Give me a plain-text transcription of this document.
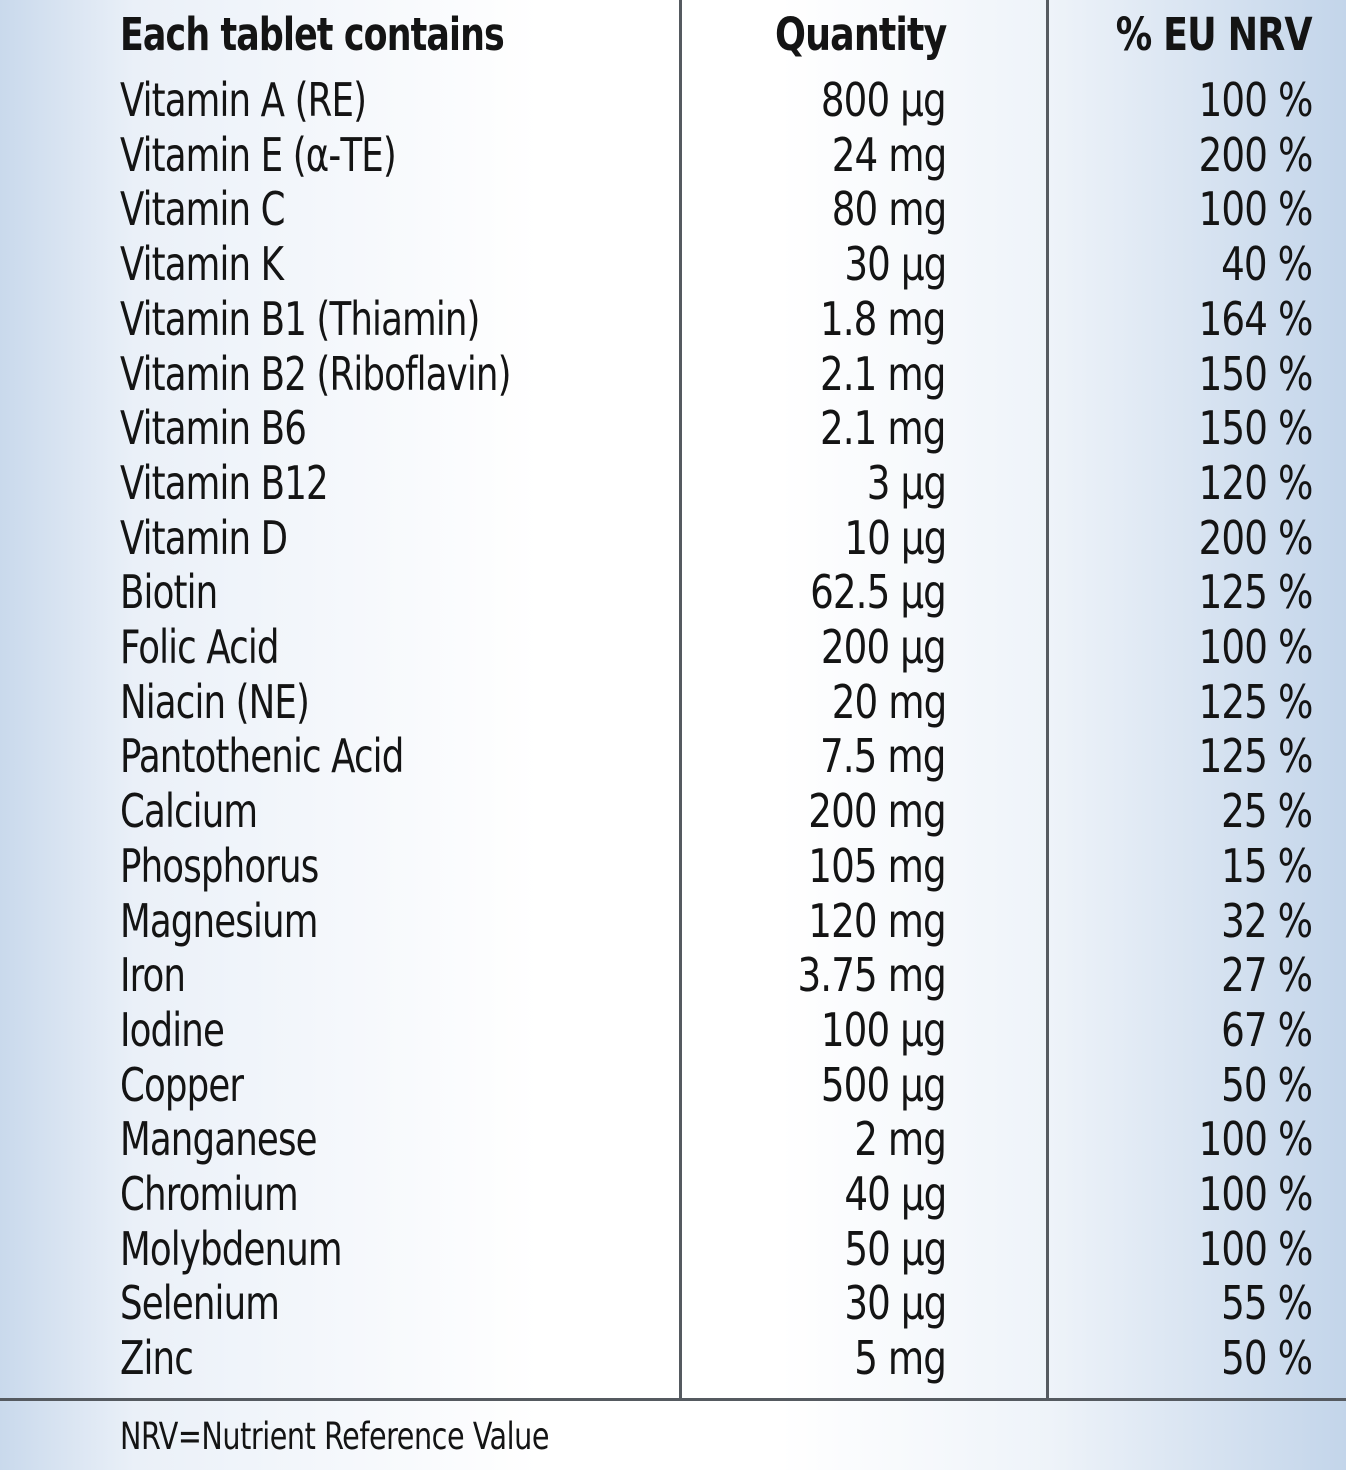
Each tablet contains	Quantity	% EU NRV
Vitamin A (RE)	800 µg	100 %
Vitamin E (α-TE)	24 mg	200 %
Vitamin C	80 mg	100 %
Vitamin K	30 µg	40 %
Vitamin B1 (Thiamin)	1.8 mg	164 %
Vitamin B2 (Riboflavin)	2.1 mg	150 %
Vitamin B6	2.1 mg	150 %
Vitamin B12	3 µg	120 %
Vitamin D	10 µg	200 %
Biotin	62.5 µg	125 %
Folic Acid	200 µg	100 %
Niacin (NE)	20 mg	125 %
Pantothenic Acid	7.5 mg	125 %
Calcium	200 mg	25 %
Phosphorus	105 mg	15 %
Magnesium	120 mg	32 %
Iron	3.75 mg	27 %
Iodine	100 µg	67 %
Copper	500 µg	50 %
Manganese	2 mg	100 %
Chromium	40 µg	100 %
Molybdenum	50 µg	100 %
Selenium	30 µg	55 %
Zinc	5 mg	50 %
NRV=Nutrient Reference Value
